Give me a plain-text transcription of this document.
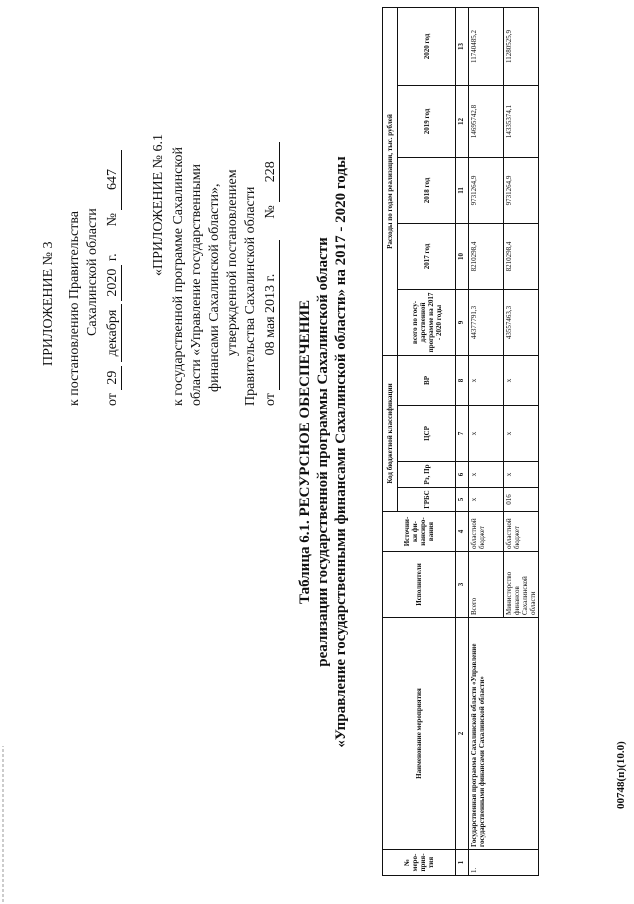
ПРИЛОЖЕНИЕ № 3 к постановлению Правительства Сахалинской области
от 29 декабря 2020 г.  № 647 «ПРИЛОЖЕНИЕ № 6.1 к государственной программе Сахалинской области «Управление государственными финансами Сахалинской области», утвержденной постановлением Правительства Сахалинской области от 08 мая 2013 г.  № 228
Таблица 6.1. РЕСУРСНОЕ ОБЕСПЕЧЕНИЕ реализации государственной программы Сахалинской области «Управление государственными финансами Сахалинской области» на 2017 - 2020 годы
№ меро-прия-тия	Наименование мероприятия	Исполнители	Источни-ки фи-нансиро-вания	Код бюджетной классификации				Расходы по годам реализации, тыс. рублей				
				ГРБС	Рз, Пр	ЦСР	ВР	всего по госу-дарственной программе на 2017 - 2020 годы	2017 год	2018 год	2019 год	2020 год
1	2	3	4	5	6	7	8	9	10	11	12	13
1.	Государственная программа Сахалинской области «Управление государственными финансами Сахалинской области»	Всего	областной бюджет	х	х	х	х	44377791,3	8210298,4	9731264,9	14695742,8	11740485,2
		Министерство финансов Сахалинской области	областной бюджет	016	х	х	х	43557463,3	8210298,4	9731264,9	14335374,1	11280525,9
00748(п)(10.0)
